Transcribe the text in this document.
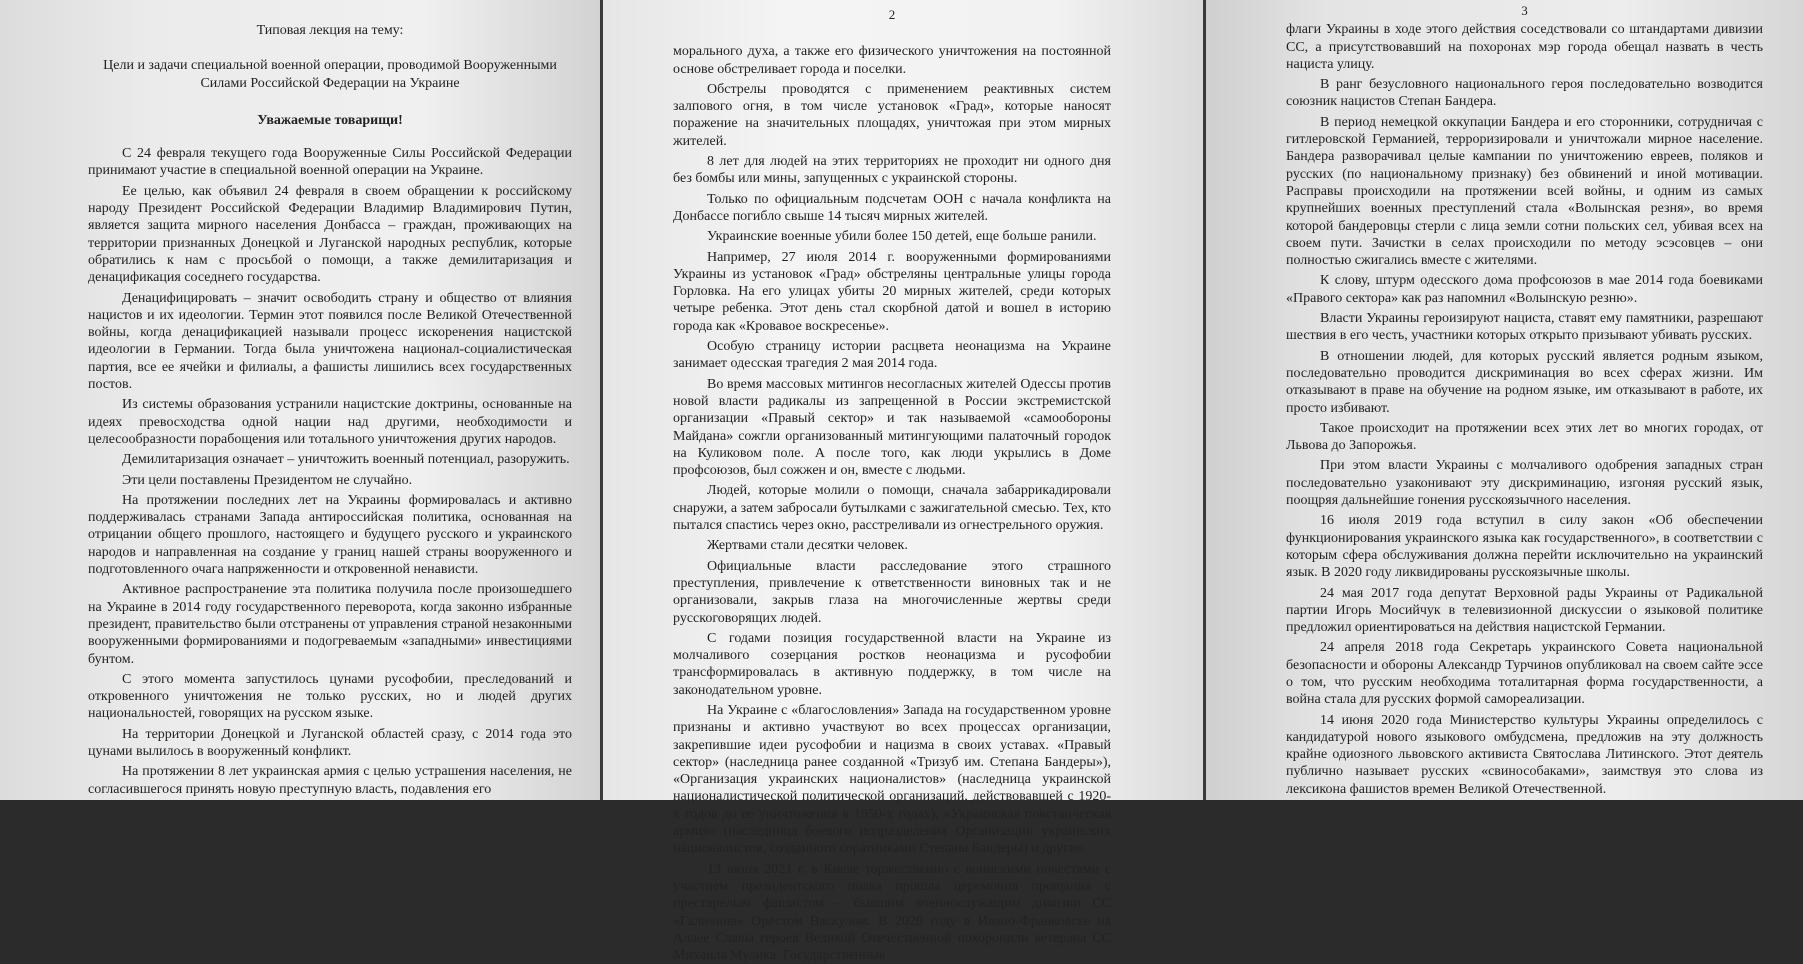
Типовая лекция на тему:
Цели и задачи специальной военной операции, проводимой Вооруженными Силами Российской Федерации на Украине
Уважаемые товарищи!
С 24 февраля текущего года Вооруженные Силы Российской Федерации принимают участие в специальной военной операции на Украине.
Ее целью, как объявил 24 февраля в своем обращении к российскому народу Президент Российской Федерации Владимир Владимирович Путин, является защита мирного населения Донбасса – граждан, проживающих на территории признанных Донецкой и Луганской народных республик, которые обратились к нам с просьбой о помощи, а также демилитаризация и денацификация соседнего государства.
Денацифицировать – значит освободить страну и общество от влияния нацистов и их идеологии. Термин этот появился после Великой Отечественной войны, когда денацификацией называли процесс искоренения нацистской идеологии в Германии. Тогда была уничтожена национал-социалистическая партия, все ее ячейки и филиалы, а фашисты лишились всех государственных постов.
Из системы образования устранили нацистские доктрины, основанные на идеях превосходства одной нации над другими, необходимости и целесообразности порабощения или тотального уничтожения других народов.
Демилитаризация означает – уничтожить военный потенциал, разоружить.
Эти цели поставлены Президентом не случайно.
На протяжении последних лет на Украины формировалась и активно поддерживалась странами Запада антироссийская политика, основанная на отрицании общего прошлого, настоящего и будущего русского и украинского народов и направленная на создание у границ нашей страны вооруженного и подготовленного очага напряженности и откровенной ненависти.
Активное распространение эта политика получила после произошедшего на Украине в 2014 году государственного переворота, когда законно избранные президент, правительство были отстранены от управления страной незаконными вооруженными формированиями и подогреваемым «западными» инвестициями бунтом.
С этого момента запустилось цунами русофобии, преследований и откровенного уничтожения не только русских, но и людей других национальностей, говорящих на русском языке.
На территории Донецкой и Луганской областей сразу, с 2014 года это цунами вылилось в вооруженный конфликт.
На протяжении 8 лет украинская армия с целью устрашения населения, не согласившегося принять новую преступную власть, подавления его
2
морального духа, а также его физического уничтожения на постоянной основе обстреливает города и поселки.
Обстрелы проводятся с применением реактивных систем залпового огня, в том числе установок «Град», которые наносят поражение на значительных площадях, уничтожая при этом мирных жителей.
8 лет для людей на этих территориях не проходит ни одного дня без бомбы или мины, запущенных с украинской стороны.
Только по официальным подсчетам ООН с начала конфликта на Донбассе погибло свыше 14 тысяч мирных жителей.
Украинские военные убили более 150 детей, еще больше ранили.
Например, 27 июля 2014 г. вооруженными формированиями Украины из установок «Град» обстреляны центральные улицы города Горловка. На его улицах убиты 20 мирных жителей, среди которых четыре ребенка. Этот день стал скорбной датой и вошел в историю города как «Кровавое воскресенье».
Особую страницу истории расцвета неонацизма на Украине занимает одесская трагедия 2 мая 2014 года.
Во время массовых митингов несогласных жителей Одессы против новой власти радикалы из запрещенной в России экстремистской организации «Правый сектор» и так называемой «самообороны Майдана» сожгли организованный митингующими палаточный городок на Куликовом поле. А после того, как люди укрылись в Доме профсоюзов, был сожжен и он, вместе с людьми.
Людей, которые молили о помощи, сначала забаррикадировали снаружи, а затем забросали бутылками с зажигательной смесью. Тех, кто пытался спастись через окно, расстреливали из огнестрельного оружия.
Жертвами стали десятки человек.
Официальные власти расследование этого страшного преступления, привлечение к ответственности виновных так и не организовали, закрыв глаза на многочисленные жертвы среди русскоговорящих людей.
С годами позиция государственной власти на Украине из молчаливого созерцания ростков неонацизма и русофобии трансформировалась в активную поддержку, в том числе на законодательном уровне.
На Украине с «благословления» Запада на государственном уровне признаны и активно участвуют во всех процессах организации, закрепившие идеи русофобии и нацизма в своих уставах. «Правый сектор» (наследница ранее созданной «Тризуб им. Степана Бандеры»), «Организация украинских националистов» (наследница украинской националистической политической организаций, действовавшей с 1920-х годов до ее уничтожения в 1950-х годах), «Украинская повстанческая армия» (наследница боевого подразделения Организации украинских националистов, созданного соратниками Степана Бандеры) и другие.
13 июня 2021 г. в Киеве торжественно с воинскими почестями с участием президентского полка прошла церемония прощания с престарелым фашистом – бывшим военнослужащим дивизии СС «Галичина» Орестом Васкулом. В 2020 году в Ивано-Франковске на Аллее Славы героев Великой Отечественной похоронили ветерана СС Михаила Мулика. Государственные
3
флаги Украины в ходе этого действия соседствовали со штандартами дивизии СС, а присутствовавший на похоронах мэр города обещал назвать в честь нациста улицу.
В ранг безусловного национального героя последовательно возводится союзник нацистов Степан Бандера.
В период немецкой оккупации Бандера и его сторонники, сотрудничая с гитлеровской Германией, терроризировали и уничтожали мирное население. Бандера разворачивал целые кампании по уничтожению евреев, поляков и русских (по национальному признаку) без обвинений и иной мотивации. Расправы происходили на протяжении всей войны, и одним из самых крупнейших военных преступлений стала «Волынская резня», во время которой бандеровцы стерли с лица земли сотни польских сел, убивая всех на своем пути. Зачистки в селах происходили по методу эсэсовцев – они полностью сжигались вместе с жителями.
К слову, штурм одесского дома профсоюзов в мае 2014 года боевиками «Правого сектора» как раз напомнил «Волынскую резню».
Власти Украины героизируют нациста, ставят ему памятники, разрешают шествия в его честь, участники которых открыто призывают убивать русских.
В отношении людей, для которых русский является родным языком, последовательно проводится дискриминация во всех сферах жизни. Им отказывают в праве на обучение на родном языке, им отказывают в работе, их просто избивают.
Такое происходит на протяжении всех этих лет во многих городах, от Львова до Запорожья.
При этом власти Украины с молчаливого одобрения западных стран последовательно узаконивают эту дискриминацию, изгоняя русский язык, поощряя дальнейшие гонения русскоязычного населения.
16 июля 2019 года вступил в силу закон «Об обеспечении функционирования украинского языка как государственного», в соответствии с которым сфера обслуживания должна перейти исключительно на украинский язык. В 2020 году ликвидированы русскоязычные школы.
24 мая 2017 года депутат Верховной рады Украины от Радикальной партии Игорь Мосийчук в телевизионной дискуссии о языковой политике предложил ориентироваться на действия нацистской Германии.
24 апреля 2018 года Секретарь украинского Совета национальной безопасности и обороны Александр Турчинов опубликовал на своем сайте эссе о том, что русским необходима тоталитарная форма государственности, а война стала для русских формой самореализации.
14 июня 2020 года Министерство культуры Украины определилось с кандидатурой нового языкового омбудсмена, предложив на эту должность крайне одиозного львовского активиста Святослава Литинского. Этот деятель публично называет русских «свинособаками», заимствуя это слова из лексикона фашистов времен Великой Отечественной.
